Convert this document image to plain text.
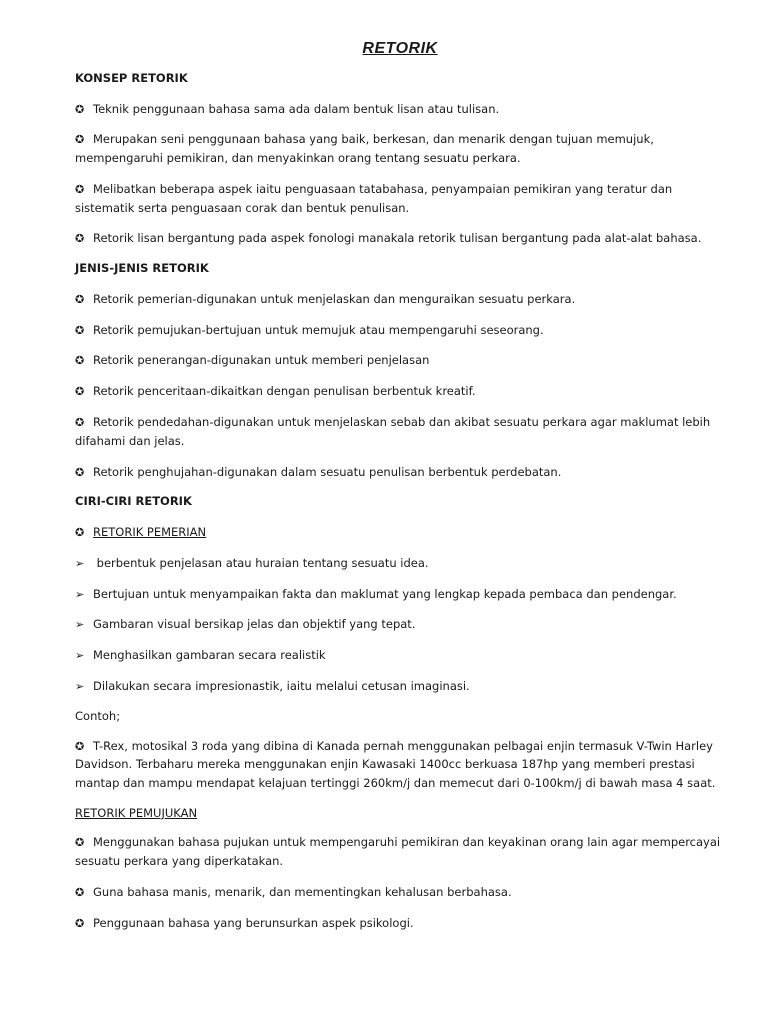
RETORIK
KONSEP RETORIK
✪ Teknik penggunaan bahasa sama ada dalam bentuk lisan atau tulisan.
✪ Merupakan seni penggunaan bahasa yang baik, berkesan, dan menarik dengan tujuan memujuk, mempengaruhi pemikiran, dan menyakinkan orang tentang sesuatu perkara.
✪ Melibatkan beberapa aspek iaitu penguasaan tatabahasa, penyampaian pemikiran yang teratur dan sistematik serta penguasaan corak dan bentuk penulisan.
✪ Retorik lisan bergantung pada aspek fonologi manakala retorik tulisan bergantung pada alat-alat bahasa.
JENIS-JENIS RETORIK
✪ Retorik pemerian-digunakan untuk menjelaskan dan menguraikan sesuatu perkara.
✪ Retorik pemujukan-bertujuan untuk memujuk atau mempengaruhi seseorang.
✪ Retorik penerangan-digunakan untuk memberi penjelasan
✪ Retorik penceritaan-dikaitkan dengan penulisan berbentuk kreatif.
✪ Retorik pendedahan-digunakan untuk menjelaskan sebab dan akibat sesuatu perkara agar maklumat lebih difahami dan jelas.
✪ Retorik penghujahan-digunakan dalam sesuatu penulisan berbentuk perdebatan.
CIRI-CIRI RETORIK
✪ RETORIK PEMERIAN
➢ berbentuk penjelasan atau huraian tentang sesuatu idea.
➢ Bertujuan untuk menyampaikan fakta dan maklumat yang lengkap kepada pembaca dan pendengar.
➢ Gambaran visual bersikap jelas dan objektif yang tepat.
➢ Menghasilkan gambaran secara realistik
➢ Dilakukan secara impresionastik, iaitu melalui cetusan imaginasi.
Contoh;
✪ T-Rex, motosikal 3 roda yang dibina di Kanada pernah menggunakan pelbagai enjin termasuk V-Twin Harley Davidson. Terbaharu mereka menggunakan enjin Kawasaki 1400cc berkuasa 187hp yang memberi prestasi mantap dan mampu mendapat kelajuan tertinggi 260km/j dan memecut dari 0-100km/j di bawah masa 4 saat.
RETORIK PEMUJUKAN
✪ Menggunakan bahasa pujukan untuk mempengaruhi pemikiran dan keyakinan orang lain agar mempercayai sesuatu perkara yang diperkatakan.
✪ Guna bahasa manis, menarik, dan mementingkan kehalusan berbahasa.
✪ Penggunaan bahasa yang berunsurkan aspek psikologi.
